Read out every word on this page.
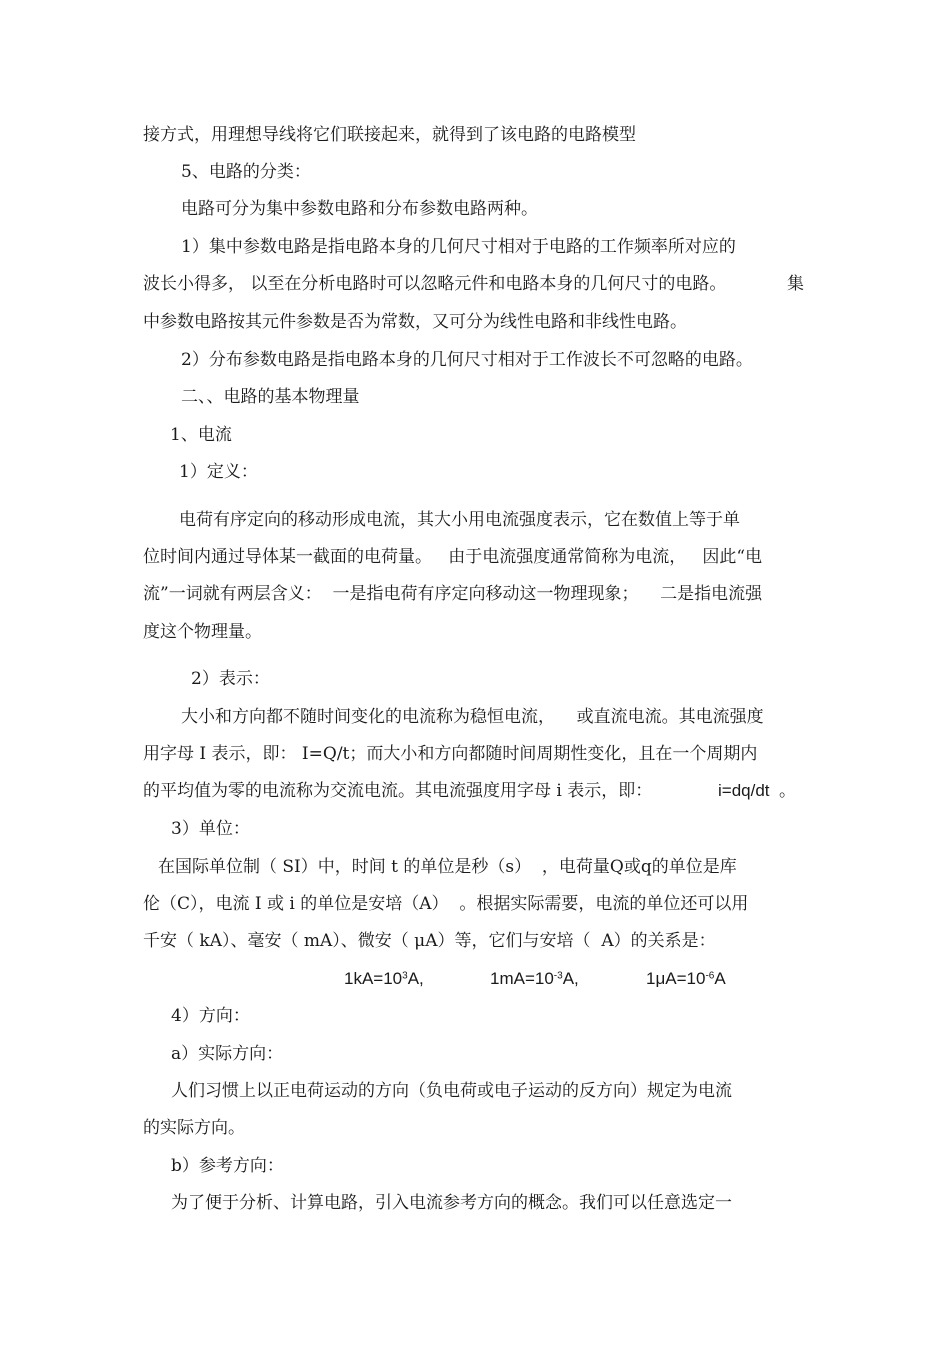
接方式，用理想导线将它们联接起来，就得到了该电路的电路模型
5、电路的分类：
电路可分为集中参数电路和分布参数电路两种。
1）集中参数电路是指电路本身的几何尺寸相对于电路的工作频率所对应的
波长小得多， 以至在分析电路时可以忽略元件和电路本身的几何尺寸的电路。	集
中参数电路按其元件参数是否为常数，又可分为线性电路和非线性电路。
2）分布参数电路是指电路本身的几何尺寸相对于工作波长不可忽略的电路。
二、、电路的基本物理量
1、电流
1）定义：
电荷有序定向的移动形成电流，其大小用电流强度表示，它在数值上等于单
位时间内通过导体某一截面的电荷量。   由于电流强度通常简称为电流，   因此“电
流”一词就有两层含义：  一是指电荷有序定向移动这一物理现象；    二是指电流强
度这个物理量。
2）表示：
大小和方向都不随时间变化的电流称为稳恒电流，    或直流电流。其电流强度
用字母 I 表示，即： I=Q/t；而大小和方向都随时间周期性变化，且在一个周期内
的平均值为零的电流称为交流电流。其电流强度用字母 i 表示，即：	i=dq/dt  。
3）单位：
在国际单位制（ SI）中，时间 t 的单位是秒（s）  ，电荷量Q或q的单位是库
伦（C），电流 I 或 i 的单位是安培（A）  。根据实际需要，电流的单位还可以用
千安（ kA）、毫安（ mA）、微安（ μA）等，它们与安培（  A）的关系是：
$1kA=10^3A$,	$1mA=10^{-3}A$,	$1\mu A=10^{-6}A$
4）方向：
a）实际方向：
人们习惯上以正电荷运动的方向（负电荷或电子运动的反方向）规定为电流
的实际方向。
b）参考方向：
为了便于分析、计算电路，引入电流参考方向的概念。我们可以任意选定一
